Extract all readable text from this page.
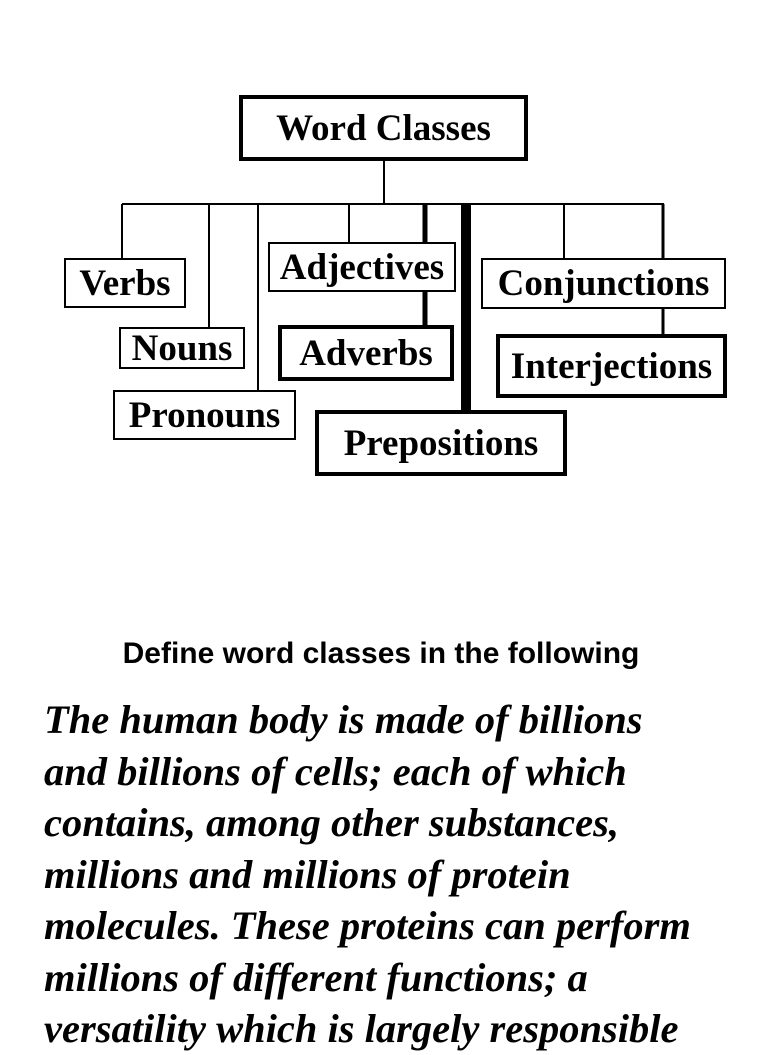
Word Classes
Verbs
Nouns
Pronouns
Adjectives
Adverbs
Prepositions
Conjunctions
Interjections
Define word classes in the following
The human body is made of billions
and billions of cells; each of which
contains, among other substances,
millions and millions of protein
molecules. These proteins can perform
millions of different functions; a
versatility which is largely responsible
